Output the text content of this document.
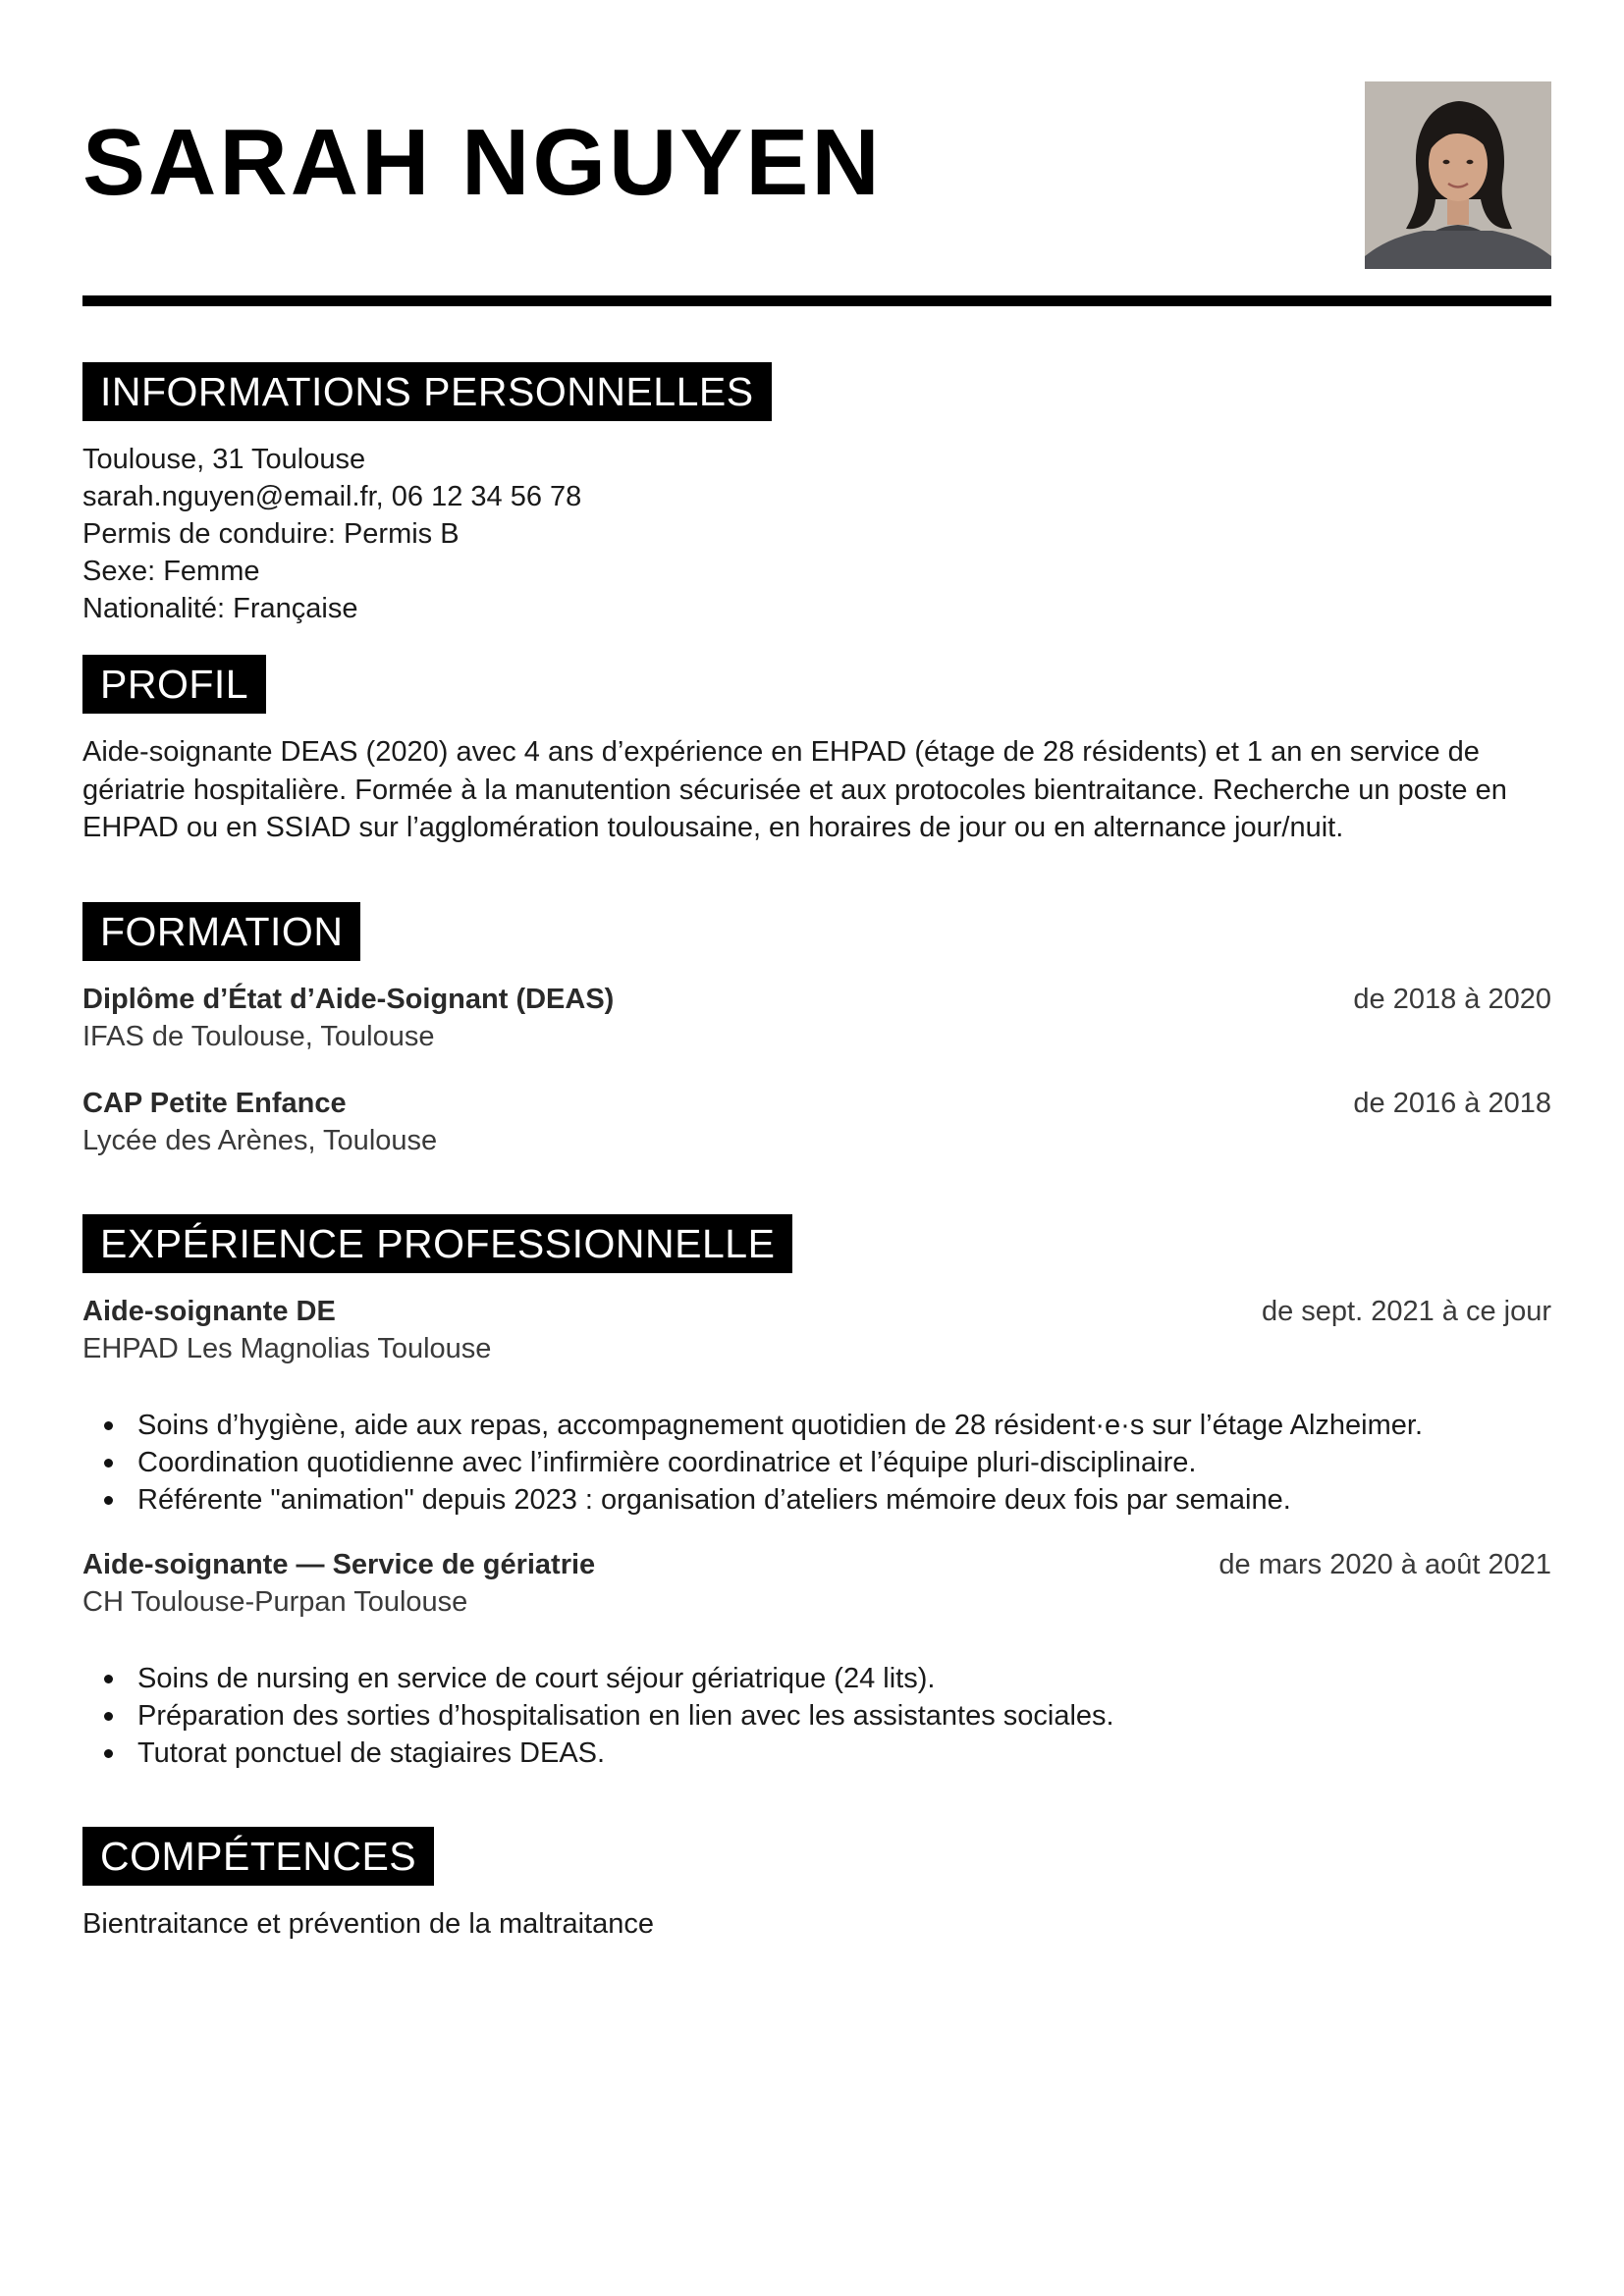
SARAH NGUYEN
INFORMATIONS PERSONNELLES
Toulouse, 31 Toulouse
sarah.nguyen@email.fr, 06 12 34 56 78
Permis de conduire: Permis B
Sexe: Femme
Nationalité: Française
PROFIL
Aide-soignante DEAS (2020) avec 4 ans d’expérience en EHPAD (étage de 28 résidents) et 1 an en service de gériatrie hospitalière. Formée à la manutention sécurisée et aux protocoles bientraitance. Recherche un poste en EHPAD ou en SSIAD sur l’agglomération toulousaine, en horaires de jour ou en alternance jour/nuit.
FORMATION
Diplôme d’État d’Aide-Soignant (DEAS)	de 2018 à 2020
IFAS de Toulouse, Toulouse
CAP Petite Enfance	de 2016 à 2018
Lycée des Arènes, Toulouse
EXPÉRIENCE PROFESSIONNELLE
Aide-soignante DE	de sept. 2021 à ce jour
EHPAD Les Magnolias Toulouse
Soins d’hygiène, aide aux repas, accompagnement quotidien de 28 résident·e·s sur l’étage Alzheimer.
Coordination quotidienne avec l’infirmière coordinatrice et l’équipe pluri-disciplinaire.
Référente "animation" depuis 2023 : organisation d’ateliers mémoire deux fois par semaine.
Aide-soignante — Service de gériatrie	de mars 2020 à août 2021
CH Toulouse-Purpan Toulouse
Soins de nursing en service de court séjour gériatrique (24 lits).
Préparation des sorties d’hospitalisation en lien avec les assistantes sociales.
Tutorat ponctuel de stagiaires DEAS.
COMPÉTENCES
Bientraitance et prévention de la maltraitance
